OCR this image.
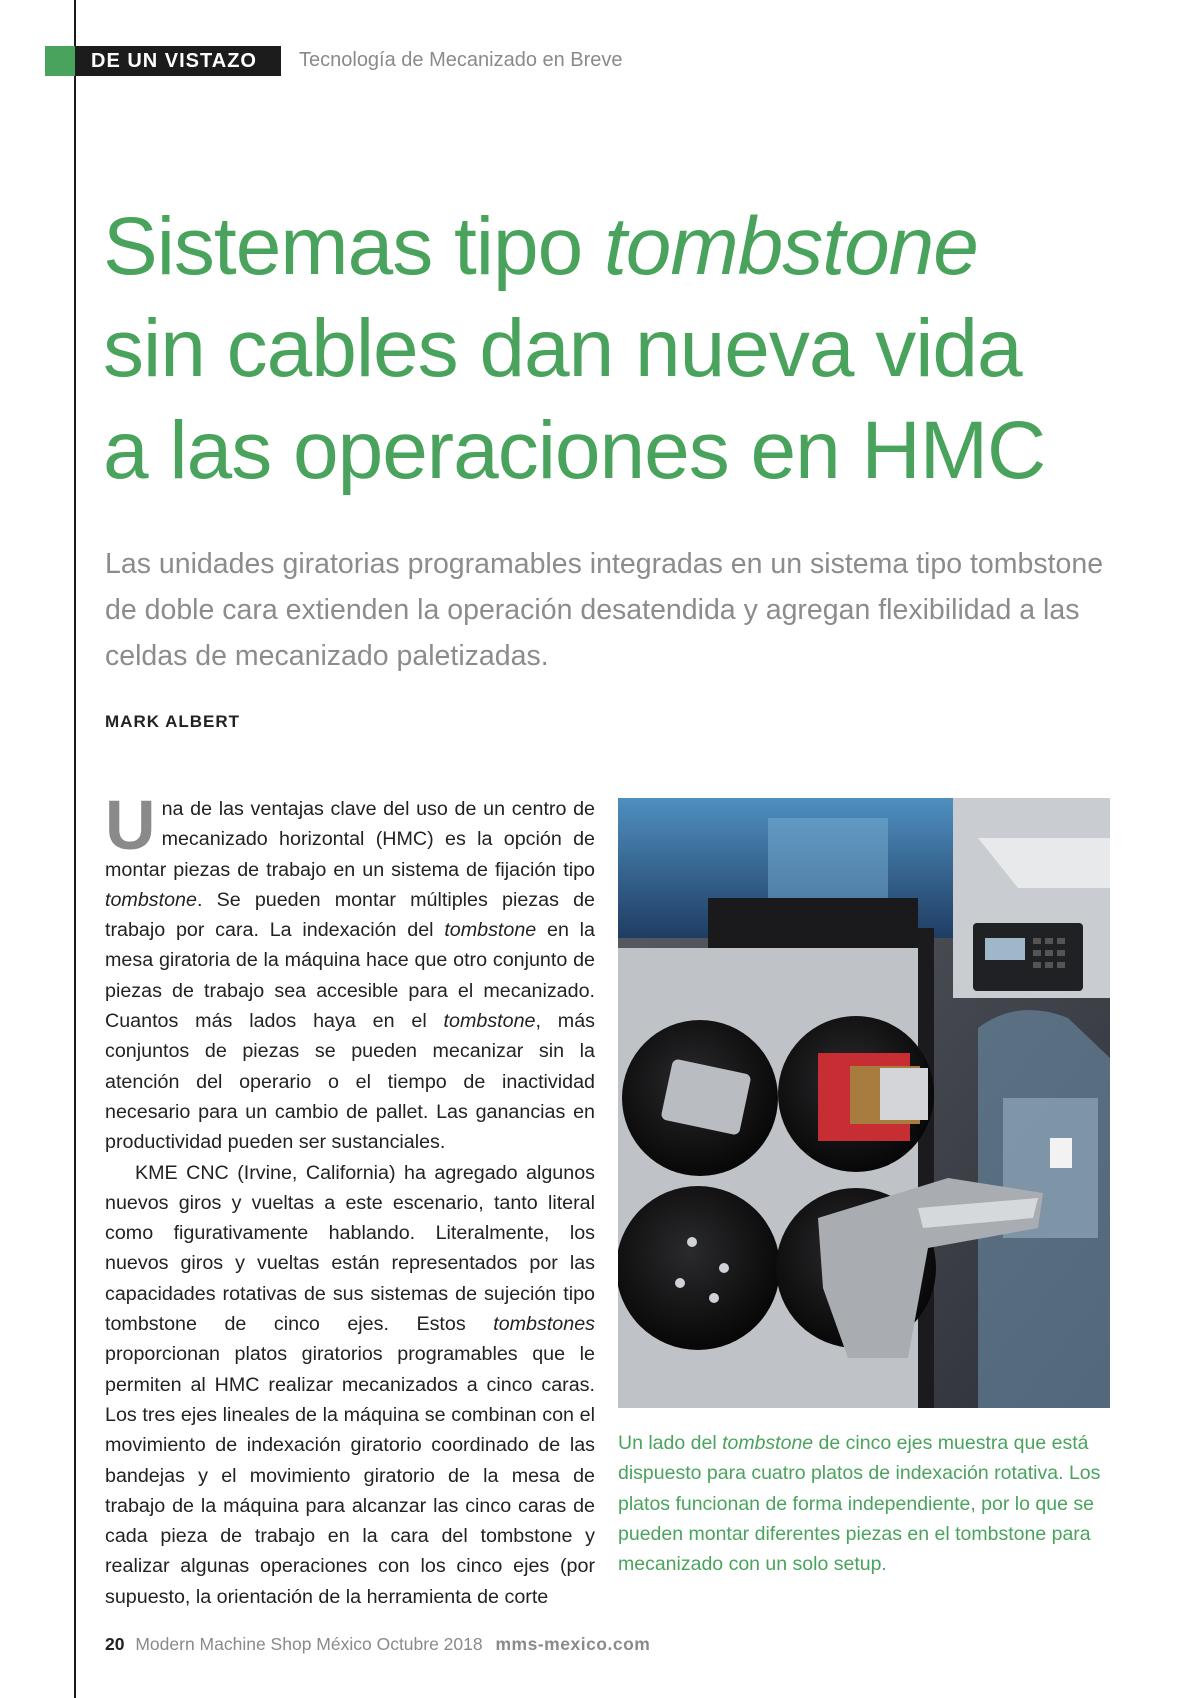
DE UN VISTAZO Tecnología de Mecanizado en Breve
Sistemas tipo tombstone
sin cables dan nueva vida
a las operaciones en HMC

Las unidades giratorias programables integradas en un sistema tipo tombstone de doble cara extienden la operación desatendida y agregan flexibilidad a las celdas de mecanizado paletizadas.

MARK ALBERT

Una de las ventajas clave del uso de un centro de mecanizado horizontal (HMC) es la opción de montar piezas de trabajo en un sistema de fijación tipo tombstone. Se pueden montar múltiples piezas de trabajo por cara. La indexación del tombstone en la mesa giratoria de la máquina hace que otro conjunto de piezas de trabajo sea accesible para el mecanizado. Cuantos más lados haya en el tombstone, más conjuntos de piezas se pueden mecanizar sin la atención del operario o el tiempo de inactividad necesario para un cambio de pallet. Las ganancias en productividad pueden ser sustanciales.

KME CNC (Irvine, California) ha agregado algunos nuevos giros y vueltas a este escenario, tanto literal como figurativamente hablando. Literalmente, los nuevos giros y vueltas están representados por las capacidades rotativas de sus sistemas de sujeción tipo tombstone de cinco ejes. Estos tombstones proporcionan platos giratorios programables que le permiten al HMC realizar mecanizados a cinco caras. Los tres ejes lineales de la máquina se combinan con el movimiento de indexación giratorio coordinado de las bandejas y el movimiento giratorio de la mesa de trabajo de la máquina para alcanzar las cinco caras de cada pieza de trabajo en la cara del tombstone y realizar algunas operaciones con los cinco ejes (por supuesto, la orientación de la herramienta de corte

Un lado del tombstone de cinco ejes muestra que está dispuesto para cuatro platos de indexación rotativa. Los platos funcionan de forma independiente, por lo que se pueden montar diferentes piezas en el tombstone para mecanizado con un solo setup.

20 Modern Machine Shop México Octubre 2018 mms-mexico.com
